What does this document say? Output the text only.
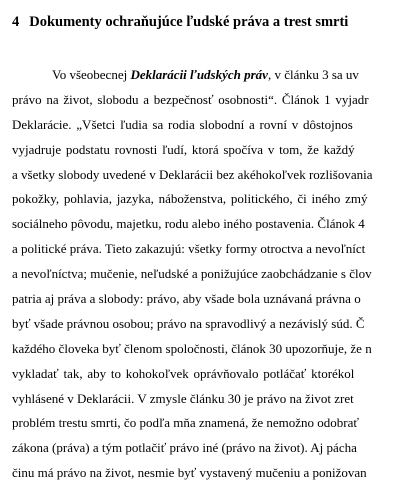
4 Dokumenty ochraňujúce ľudské práva a trest smrti
Vo všeobecnej Deklarácii ľudských práv, v článku 3 sa uv
právo na život, slobodu a bezpečnosť osobnosti“. Článok 1 vyjadr
Deklarácie. „Všetci ľudia sa rodia slobodní a rovní v dôstojnos
vyjadruje podstatu rovnosti ľudí, ktorá spočíva v tom, že každý
a všetky slobody uvedené v Deklarácii bez akéhokoľvek rozlišovania
pokožky, pohlavia, jazyka, náboženstva, politického, či iného zmý
sociálneho pôvodu, majetku, rodu alebo iného postavenia. Článok 4
a politické práva. Tieto zakazujú: všetky formy otroctva a nevoľníct
a nevoľníctva; mučenie, neľudské a ponižujúce zaobchádzanie s člov
patria aj práva a slobody: právo, aby všade bola uznávaná právna o
byť všade právnou osobou; právo na spravodlivý a nezávislý súd. Č
každého človeka byť členom spoločnosti, článok 30 upozorňuje, že n
vykladať tak, aby to kohokoľvek oprávňovalo potláčať ktorékol
vyhlásené v Deklarácii. V zmysle článku 30 je právo na život zret
problém trestu smrti, čo podľa mňa znamená, že nemožno odobrať
zákona (práva) a tým potlačiť právo iné (právo na život). Aj pácha
činu má právo na život, nesmie byť vystavený mučeniu a ponižovan
